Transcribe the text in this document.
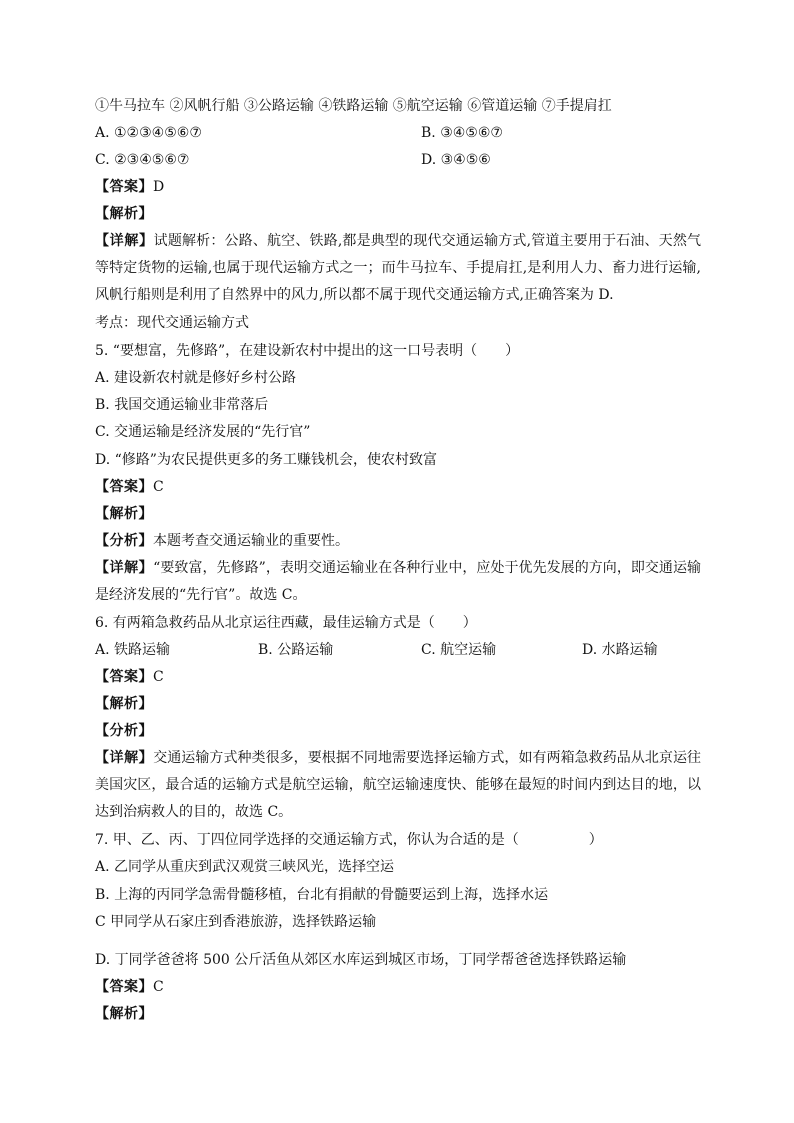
①牛马拉车 ②风帆行船 ③公路运输 ④铁路运输 ⑤航空运输 ⑥管道运输 ⑦手提肩扛
A. ①②③④⑤⑥⑦	B. ③④⑤⑥⑦
C. ②③④⑤⑥⑦	D. ③④⑤⑥
【答案】D
【解析】
【详解】试题解析：公路、航空、铁路,都是典型的现代交通运输方式,管道主要用于石油、天然气等特定货物的运输,也属于现代运输方式之一；而牛马拉车、手提肩扛,是利用人力、畜力进行运输,风帆行船则是利用了自然界中的风力,所以都不属于现代交通运输方式,正确答案为 D.
考点：现代交通运输方式
5. “要想富，先修路”，在建设新农村中提出的这一口号表明（　　）
A. 建设新农村就是修好乡村公路
B. 我国交通运输业非常落后
C. 交通运输是经济发展的“先行官”
D. “修路”为农民提供更多的务工赚钱机会，使农村致富
【答案】C
【解析】
【分析】本题考查交通运输业的重要性。
【详解】“要致富，先修路”，表明交通运输业在各种行业中，应处于优先发展的方向，即交通运输是经济发展的“先行官”。故选 C。
6. 有两箱急救药品从北京运往西藏，最佳运输方式是（　　）
A. 铁路运输	B. 公路运输	C. 航空运输	D. 水路运输
【答案】C
【解析】
【分析】
【详解】交通运输方式种类很多，要根据不同地需要选择运输方式，如有两箱急救药品从北京运往美国灾区，最合适的运输方式是航空运输，航空运输速度快、能够在最短的时间内到达目的地，以达到治病救人的目的，故选 C。
7. 甲、乙、丙、丁四位同学选择的交通运输方式，你认为合适的是（　　　　　）
A. 乙同学从重庆到武汉观赏三峡风光，选择空运
B. 上海的丙同学急需骨髓移植，台北有捐献的骨髓要运到上海，选择水运
C 甲同学从石家庄到香港旅游，选择铁路运输
D. 丁同学爸爸将 500 公斤活鱼从郊区水库运到城区市场，丁同学帮爸爸选择铁路运输
【答案】C
【解析】
